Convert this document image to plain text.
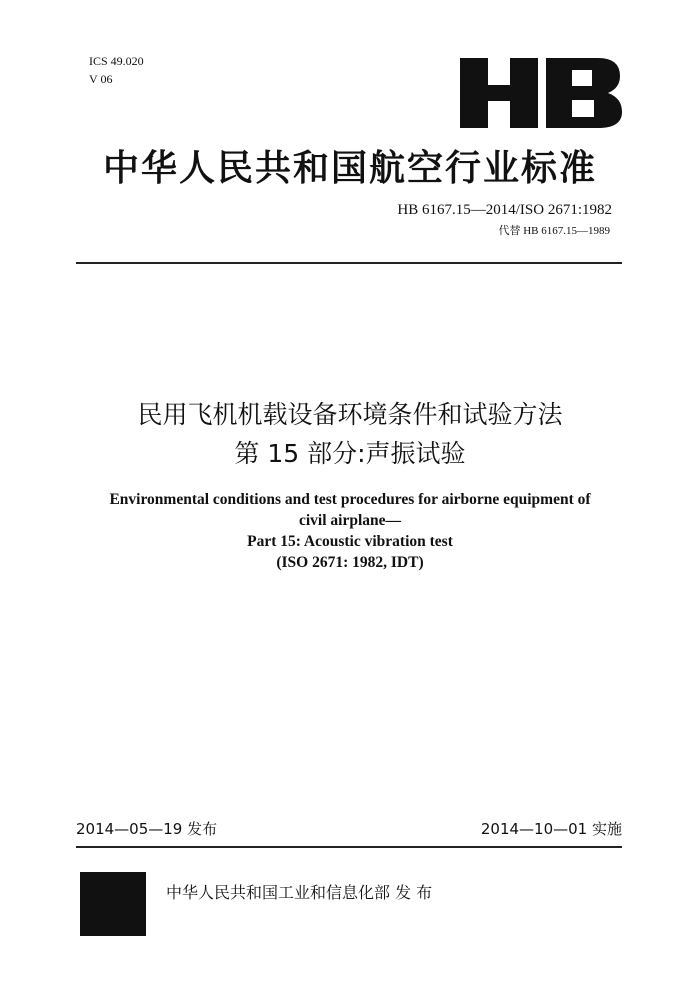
ICS 49.020
V 06
中华人民共和国航空行业标准
HB 6167.15—2014/ISO 2671:1982
代替 HB 6167.15—1989
民用飞机机载设备环境条件和试验方法
第 15 部分:声振试验
Environmental conditions and test procedures for airborne equipment of
civil airplane—
Part 15: Acoustic vibration test
(ISO 2671: 1982, IDT)
2014—05—19 发布	2014—10—01 实施
中华人民共和国工业和信息化部 发 布
